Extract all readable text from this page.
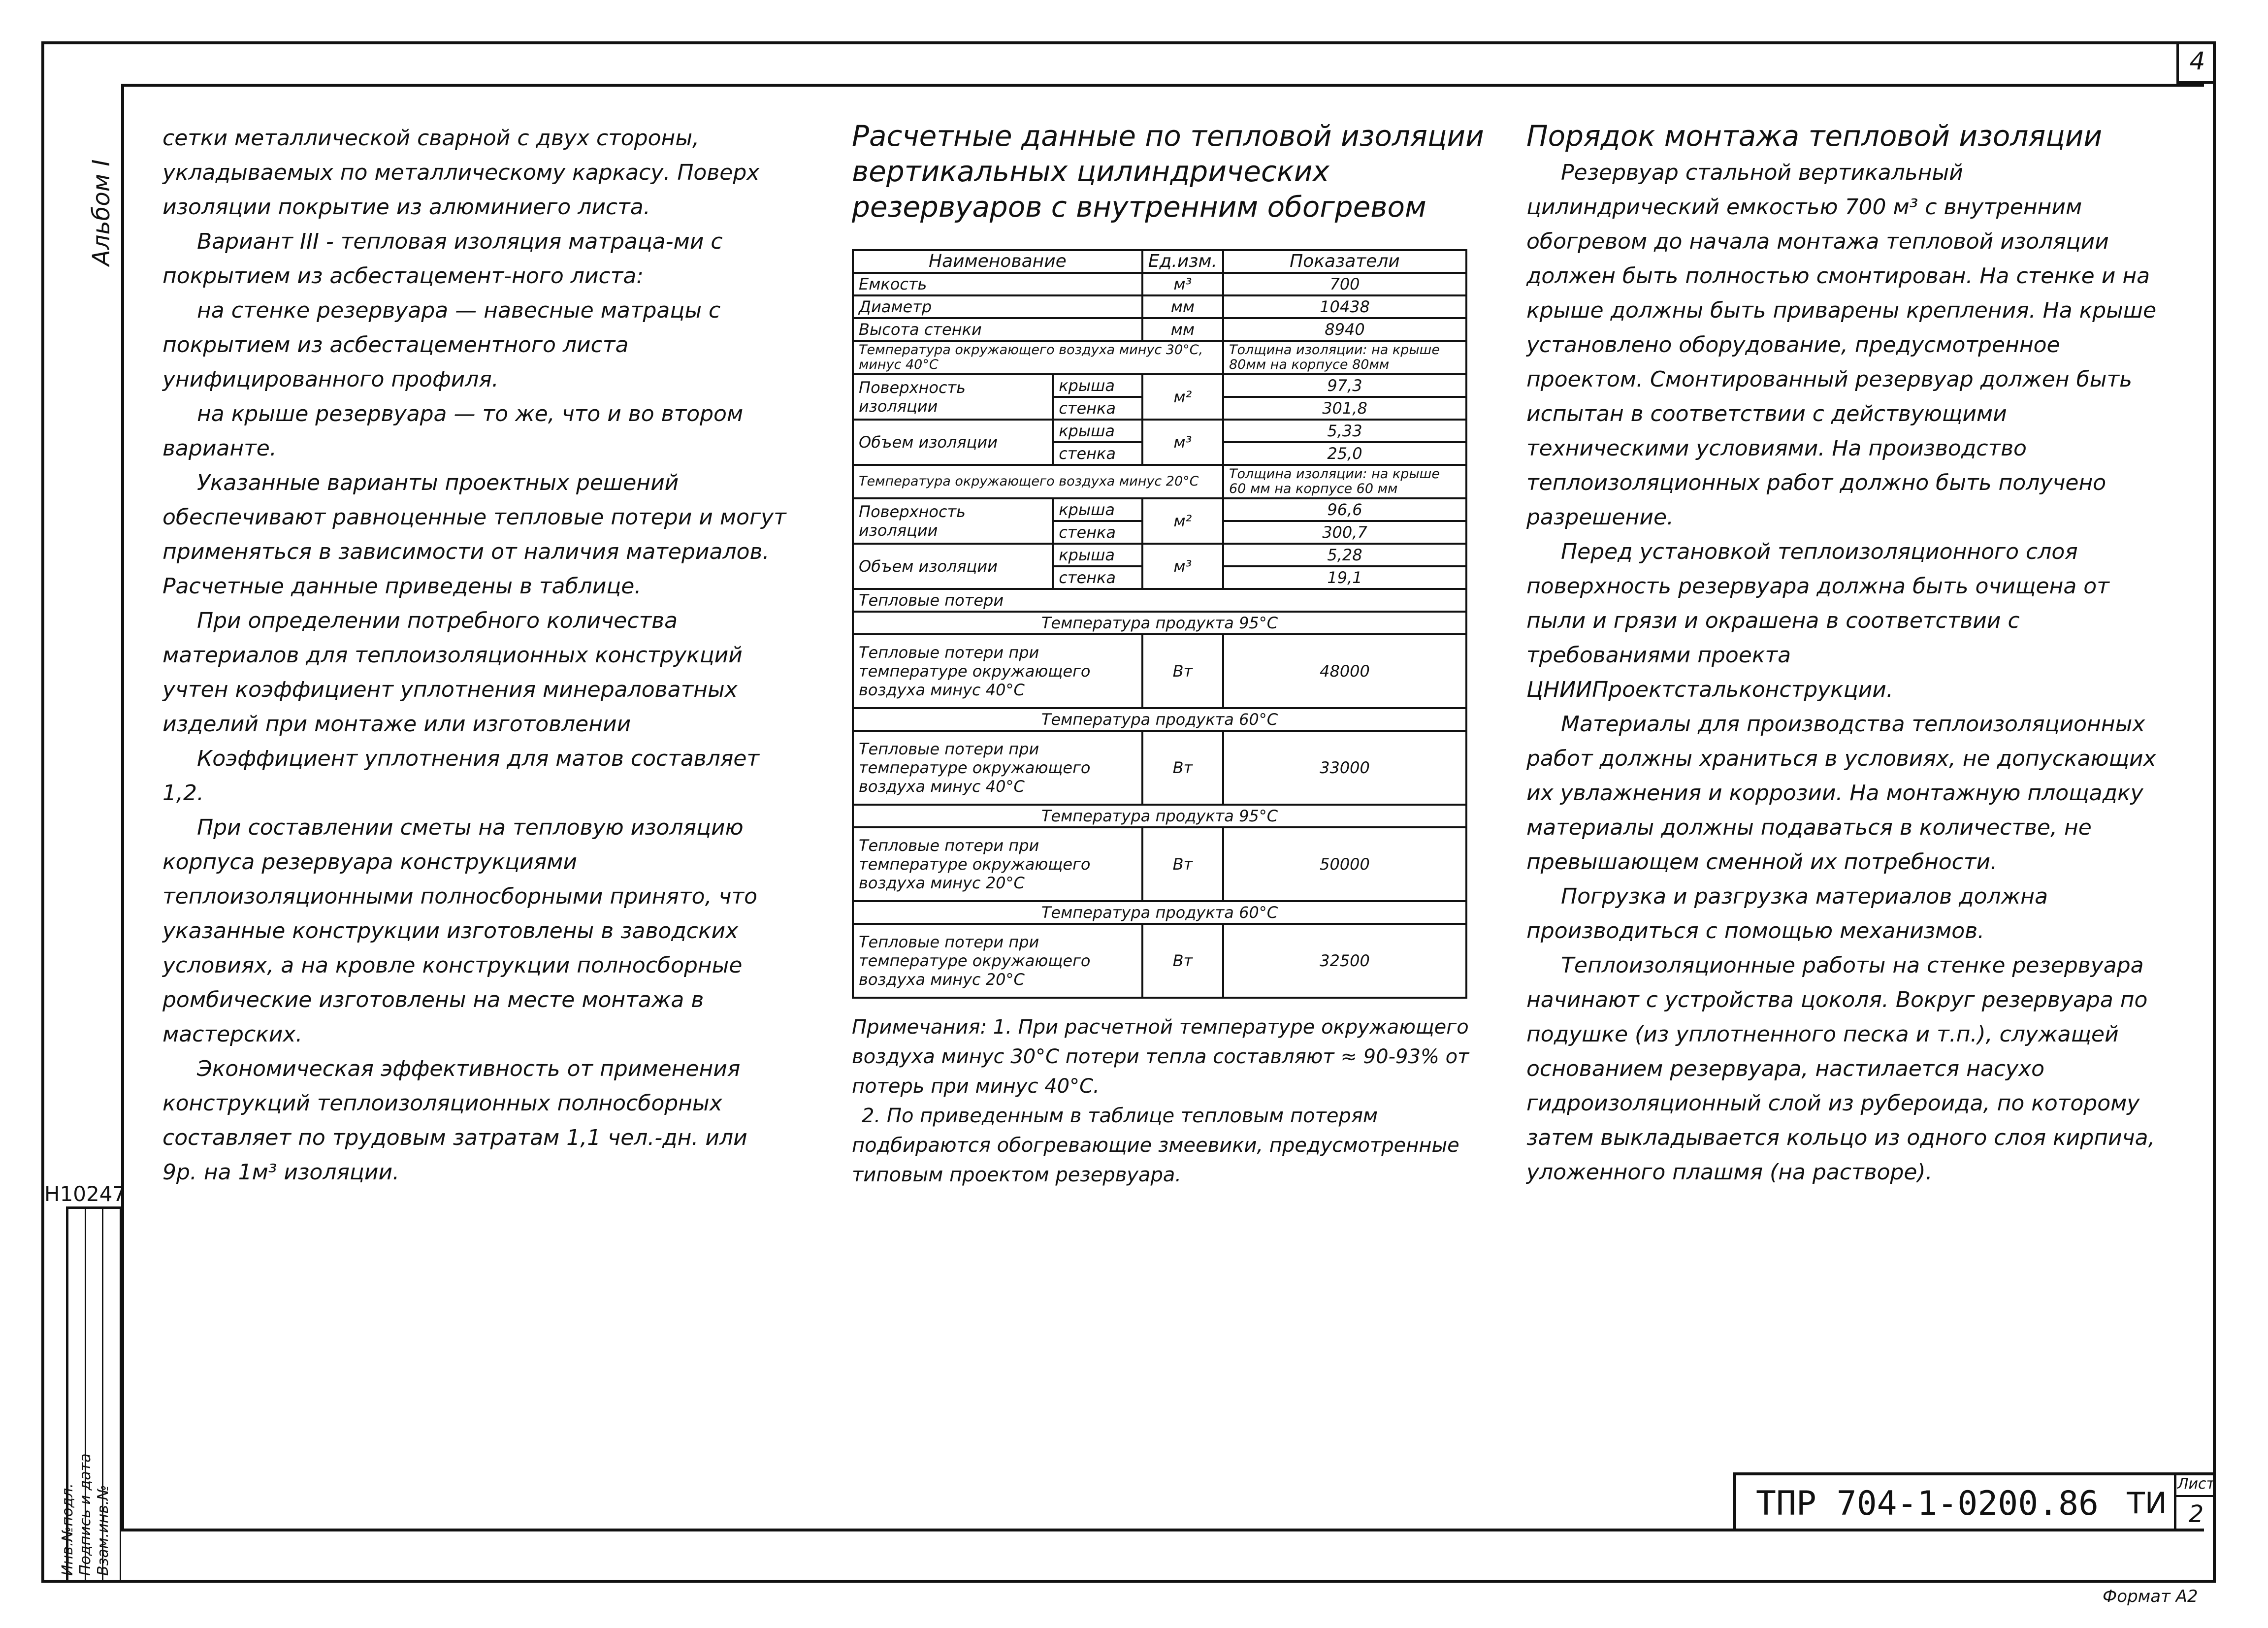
4
Альбом I
H10247
Инв.№подл. Подпись и дата Взам.инв.№

сетки металлической сварной с двух стороны, укладываемых по металлическому каркасу. Поверх изоляции покрытие из алюминиего листа.

Вариант III - тепловая изоляция матраца-ми с покрытием из асбестацемент-ного листа:

на стенке резервуара — навесные матрацы с покрытием из асбестацементного листа унифицированного профиля.

на крыше резервуара — то же, что и во втором варианте.

Указанные варианты проектных решений обеспечивают равноценные тепловые потери и могут применяться в зависимости от наличия материалов. Расчетные данные приведены в таблице.

При определении потребного количества материалов для теплоизоляционных конструкций учтен коэффициент уплотнения минераловатных изделий при монтаже или изготовлении

Коэффициент уплотнения для матов составляет 1,2.

При составлении сметы на тепловую изоляцию корпуса резервуара конструкциями теплоизоляционными полносборными принято, что указанные конструкции изготовлены в заводских условиях, а на кровле конструкции полносборные ромбические изготовлены на месте монтажа в мастерских.

Экономическая эффективность от применения конструкций теплоизоляционных полносборных составляет по трудовым затратам 1,1 чел.-дн. или 9р. на 1м³ изоляции.

Расчетные данные по тепловой изоляции вертикальных цилиндрических резервуаров с внутренним обогревом
Наименование		Ед.изм.	Показатели
Емкость		м³	700
Диаметр		мм	10438
Высота стенки		мм	8940
Температура окружающего воздуха минус 30°С, минус 40°С			Толщина изоляции: на крыше 80мм на корпусе 80мм
Поверхность изоляции	крыша	м²	97,3
	стенка		301,8
Объем изоляции	крыша	м³	5,33
	стенка		25,0
Температура окружающего воздуха минус 20°С			Толщина изоляции: на крыше 60 мм на корпусе 60 мм
Поверхность изоляции	крыша	м²	96,6
	стенка		300,7
Объем изоляции	крыша	м³	5,28
	стенка		19,1
Тепловые потери			
Температура продукта 95°С			
Тепловые потери при температуре окружающего воздуха минус 40°С		Вт	48000
Температура продукта 60°С			
Тепловые потери при температуре окружающего воздуха минус 40°С		Вт	33000
Температура продукта 95°С			
Тепловые потери при температуре окружающего воздуха минус 20°С		Вт	50000
Температура продукта 60°С			
Тепловые потери при температуре окружающего воздуха минус 20°С		Вт	32500

Примечания: 1. При расчетной температуре окружающего воздуха минус 30°С потери тепла составляют ≈ 90-93% от потерь при минус 40°С.

2. По приведенным в таблице тепловым потерям подбираются обогревающие змеевики, предусмотренные типовым проектом резервуара.

Порядок монтажа тепловой изоляции

Резервуар стальной вертикальный цилиндрический емкостью 700 м³ с внутренним обогревом до начала монтажа тепловой изоляции должен быть полностью смонтирован. На стенке и на крыше должны быть приварены крепления. На крыше установлено оборудование, предусмотренное проектом. Смонтированный резервуар должен быть испытан в соответствии с действующими техническими условиями. На производство теплоизоляционных работ должно быть получено разрешение.

Перед установкой теплоизоляционного слоя поверхность резервуара должна быть очищена от пыли и грязи и окрашена в соответствии с требованиями проекта ЦНИИПроектстальконструкции.

Материалы для производства теплоизоляционных работ должны храниться в условиях, не допускающих их увлажнения и коррозии. На монтажную площадку материалы должны подаваться в количестве, не превышающем сменной их потребности.

Погрузка и разгрузка материалов должна производиться с помощью механизмов.

Теплоизоляционные работы на стенке резервуара начинают с устройства цоколя. Вокруг резервуара по подушке (из уплотненного песка и т.п.), служащей основанием резервуара, настилается насухо гидроизоляционный слой из рубероида, по которому затем выкладывается кольцо из одного слоя кирпича, уложенного плашмя (на растворе).

ТПР 704-1-0200.86 ТИ
Лист
2
Формат А2
